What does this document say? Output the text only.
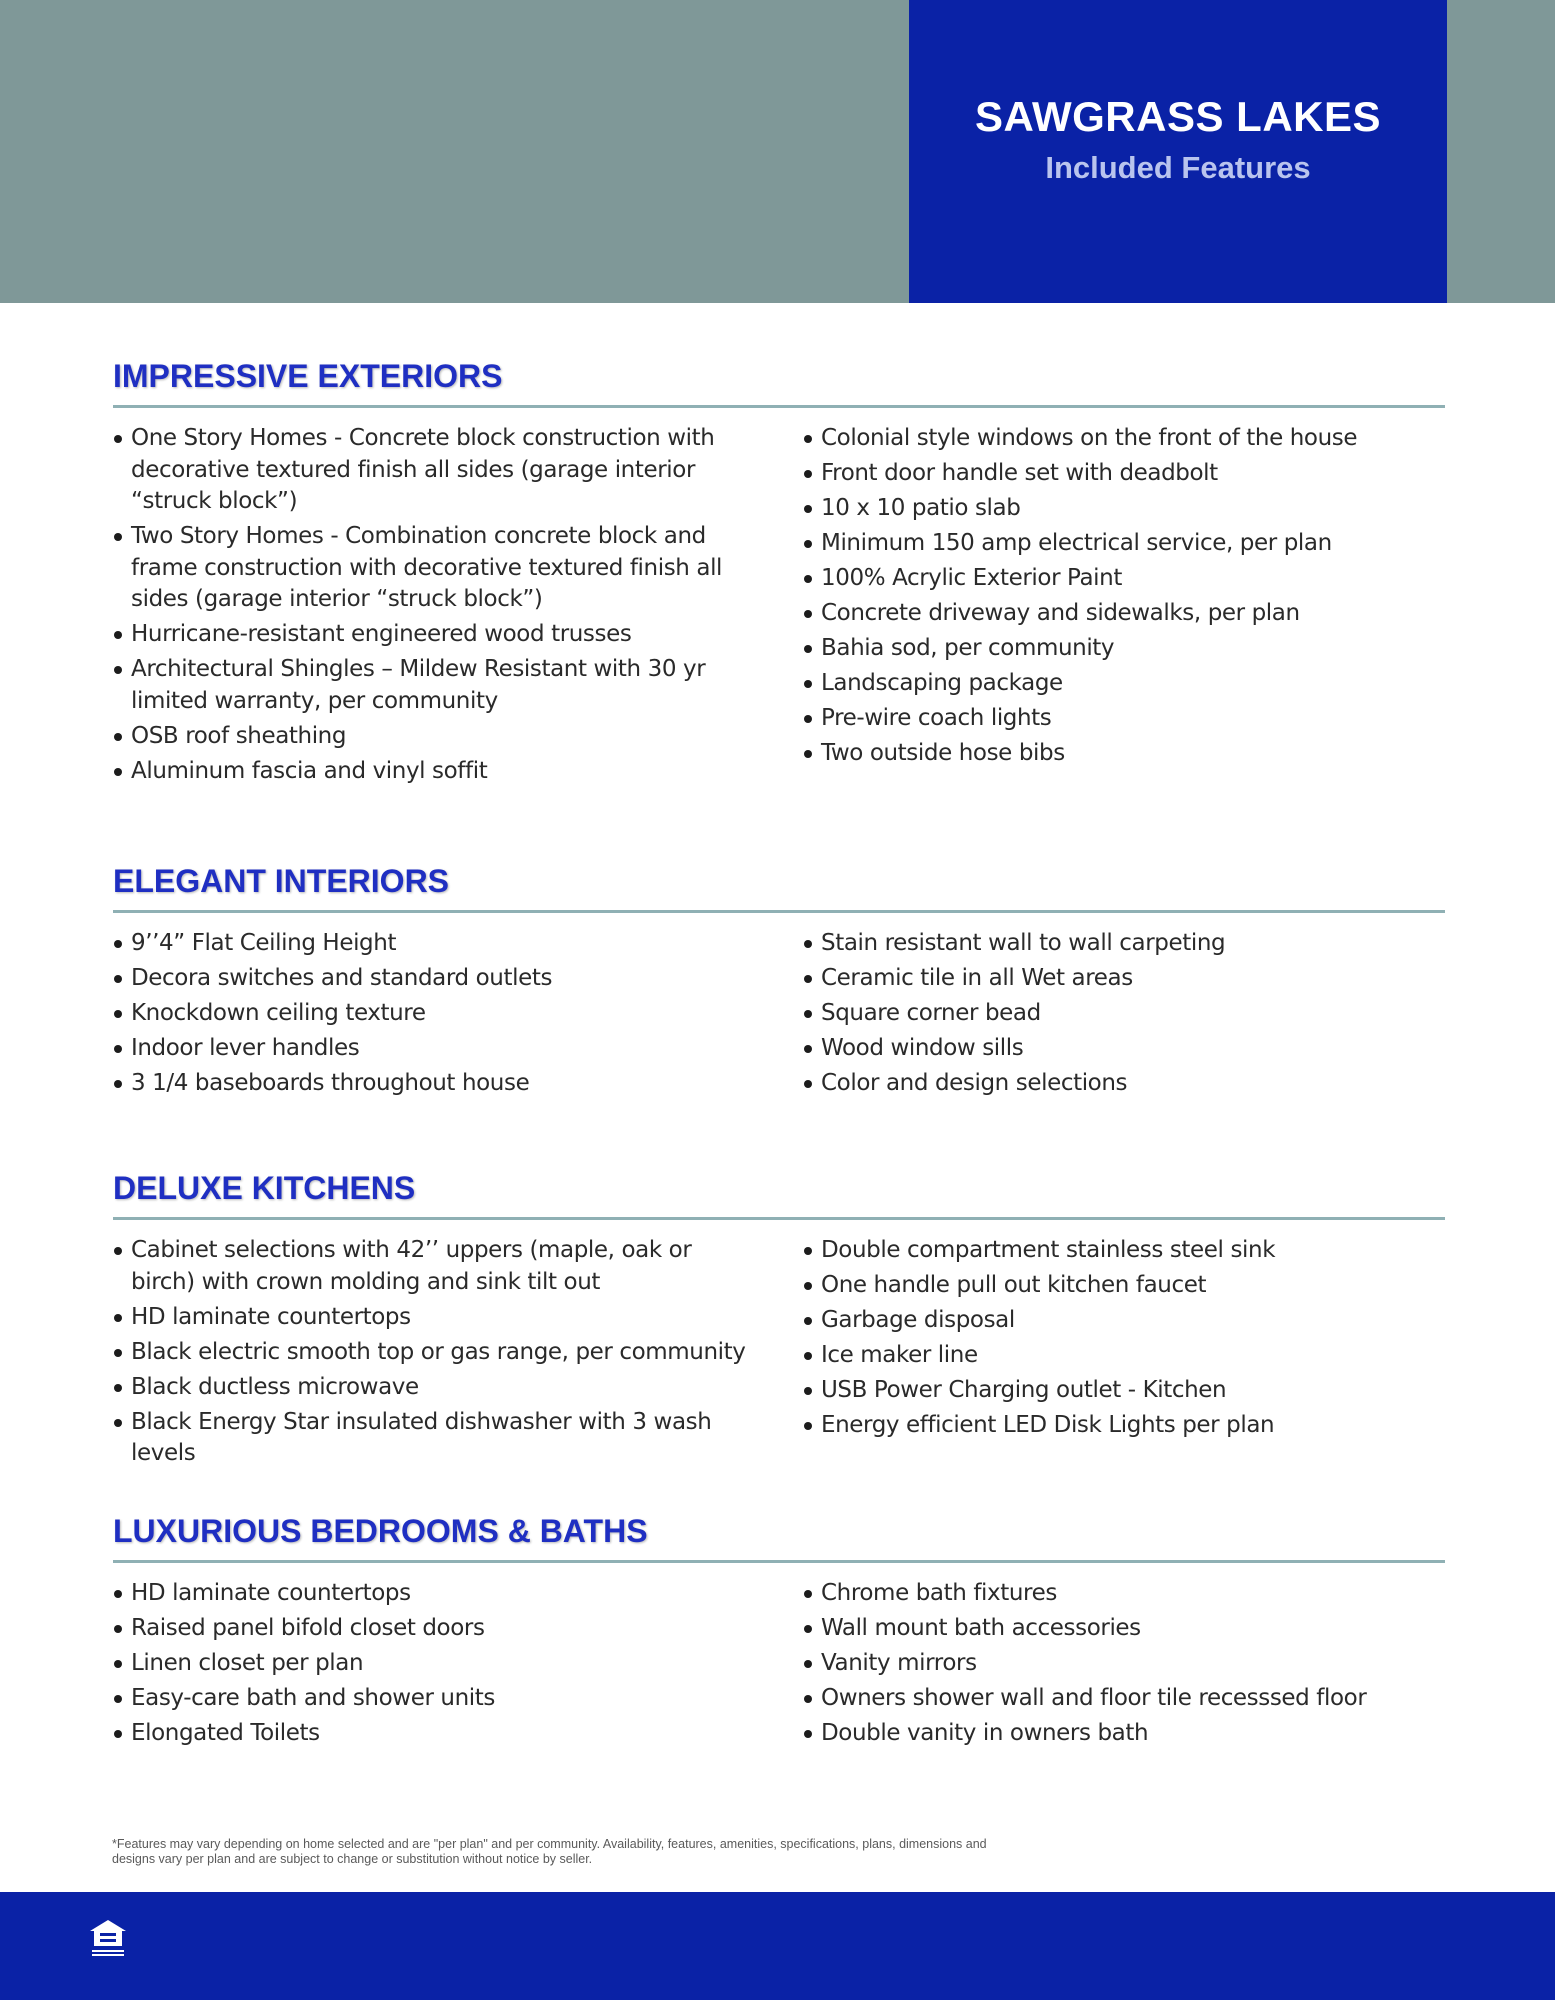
SAWGRASS LAKES
Included Features
IMPRESSIVE EXTERIORS
One Story Homes - Concrete block construction with decorative textured finish all sides (garage interior “struck block”)
Two Story Homes - Combination concrete block and frame construction with decorative textured finish all sides (garage interior “struck block”)
Hurricane-resistant engineered wood trusses
Architectural Shingles – Mildew Resistant with 30 yr limited warranty, per community
OSB roof sheathing
Aluminum fascia and vinyl soffit
Colonial style windows on the front of the house
Front door handle set with deadbolt
10 x 10 patio slab
Minimum 150 amp electrical service, per plan
100% Acrylic Exterior Paint
Concrete driveway and sidewalks, per plan
Bahia sod, per community
Landscaping package
Pre-wire coach lights
Two outside hose bibs
ELEGANT INTERIORS
9’’4” Flat Ceiling Height
Decora switches and standard outlets
Knockdown ceiling texture
Indoor lever handles
3 1/4 baseboards throughout house
Stain resistant wall to wall carpeting
Ceramic tile in all Wet areas
Square corner bead
Wood window sills
Color and design selections
DELUXE KITCHENS
Cabinet selections with 42’’ uppers (maple, oak or birch) with crown molding and sink tilt out
HD laminate countertops
Black electric smooth top or gas range, per community
Black ductless microwave
Black Energy Star insulated dishwasher with 3 wash levels
Double compartment stainless steel sink
One handle pull out kitchen faucet
Garbage disposal
Ice maker line
USB Power Charging outlet - Kitchen
Energy efficient LED Disk Lights per plan
LUXURIOUS BEDROOMS & BATHS
HD laminate countertops
Raised panel bifold closet doors
Linen closet per plan
Easy-care bath and shower units
Elongated Toilets
Chrome bath fixtures
Wall mount bath accessories
Vanity mirrors
Owners shower wall and floor tile recesssed floor
Double vanity in owners bath
*Features may vary depending on home selected and are "per plan" and per community. Availability, features, amenities, specifications, plans, dimensions and designs vary per plan and are subject to change or substitution without notice by seller.
